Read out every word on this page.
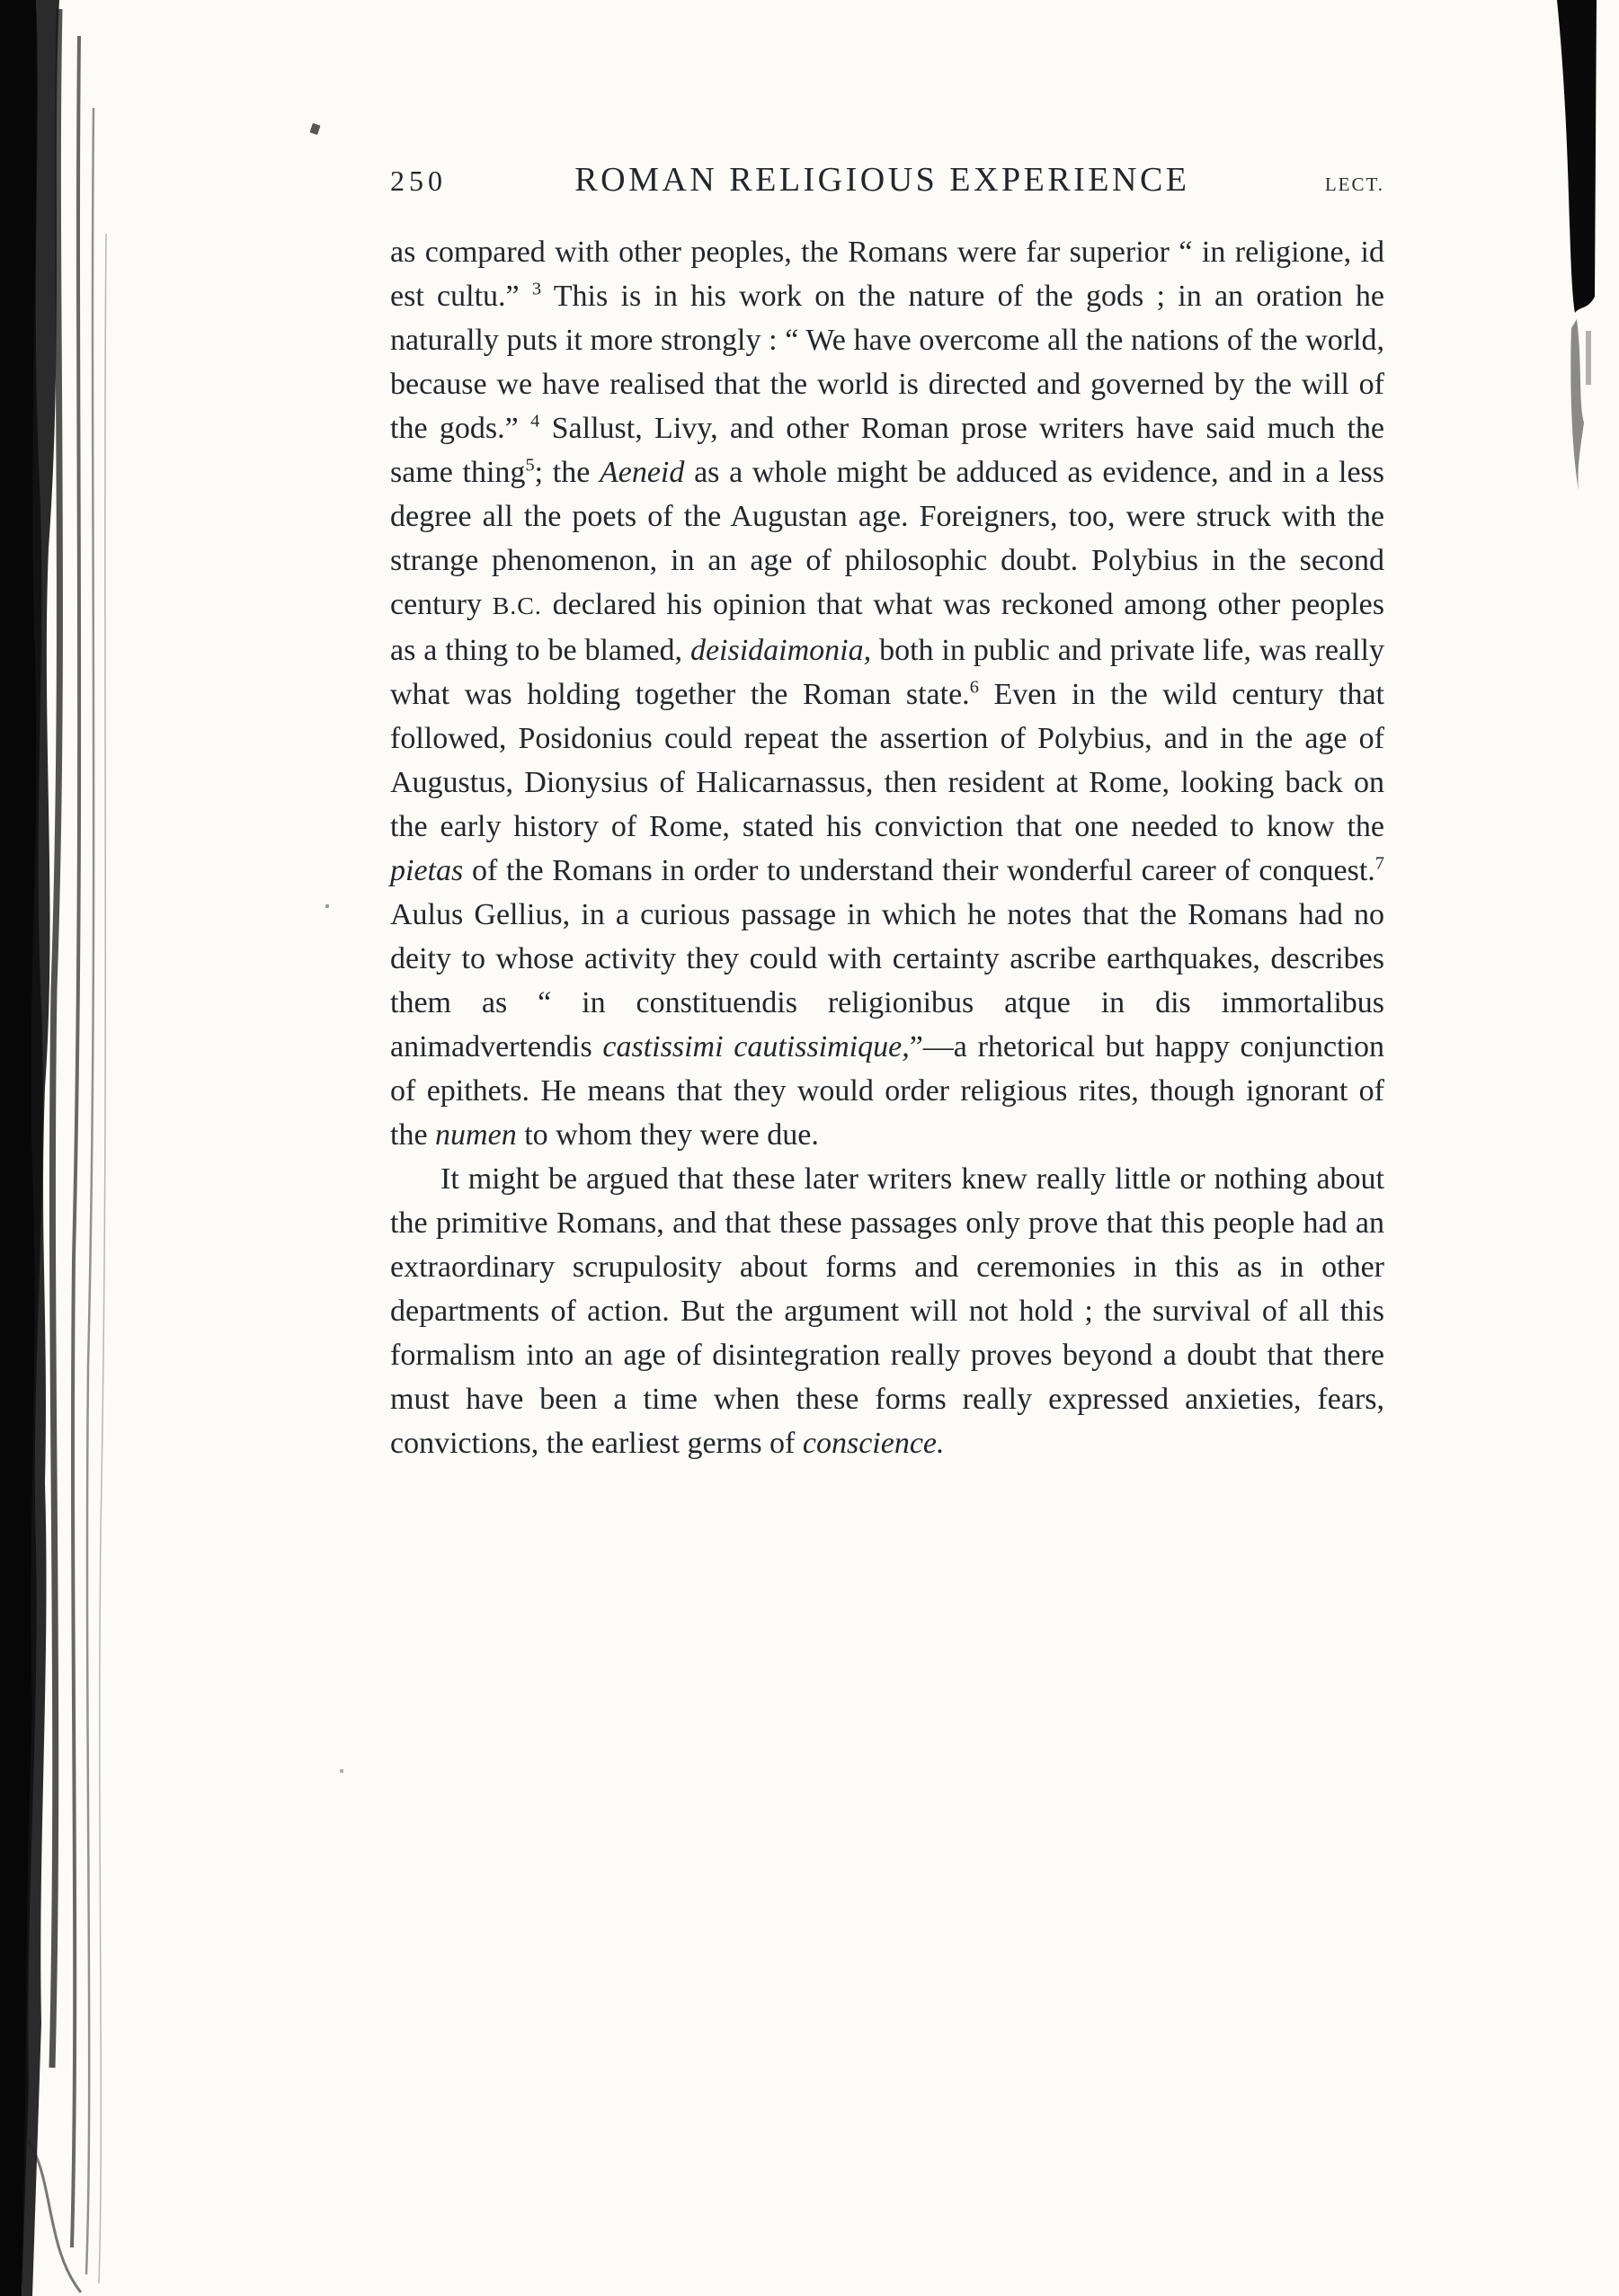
250	ROMAN RELIGIOUS EXPERIENCE	LECT.

as compared with other peoples, the Romans were far superior “ in religione, id est cultu.” $^3$ This is in his work on the nature of the gods ; in an oration he naturally puts it more strongly : “ We have overcome all the nations of the world, because we have realised that the world is directed and governed by the will of the gods.” $^4$ Sallust, Livy, and other Roman prose writers have said much the same thing$^5$; the Aeneid as a whole might be adduced as evidence, and in a less degree all the poets of the Augustan age. Foreigners, too, were struck with the strange phenomenon, in an age of philosophic doubt. Polybius in the second century B.C. declared his opinion that what was reckoned among other peoples as a thing to be blamed, deisidaimonia, both in public and private life, was really what was holding together the Roman state.$^6$ Even in the wild century that followed, Posidonius could repeat the assertion of Polybius, and in the age of Augustus, Dionysius of Halicarnassus, then resident at Rome, looking back on the early history of Rome, stated his conviction that one needed to know the pietas of the Romans in order to understand their wonderful career of conquest.$^7$ Aulus Gellius, in a curious passage in which he notes that the Romans had no deity to whose activity they could with certainty ascribe earthquakes, describes them as “ in constituendis religionibus atque in dis immortalibus animadvertendis castissimi cautissimique,”—a rhetorical but happy conjunction of epithets. He means that they would order religious rites, though ignorant of the numen to whom they were due.

It might be argued that these later writers knew really little or nothing about the primitive Romans, and that these passages only prove that this people had an extraordinary scrupulosity about forms and ceremonies in this as in other departments of action. But the argument will not hold ; the survival of all this formalism into an age of disintegration really proves beyond a doubt that there must have been a time when these forms really expressed anxieties, fears, convictions, the earliest germs of conscience.
